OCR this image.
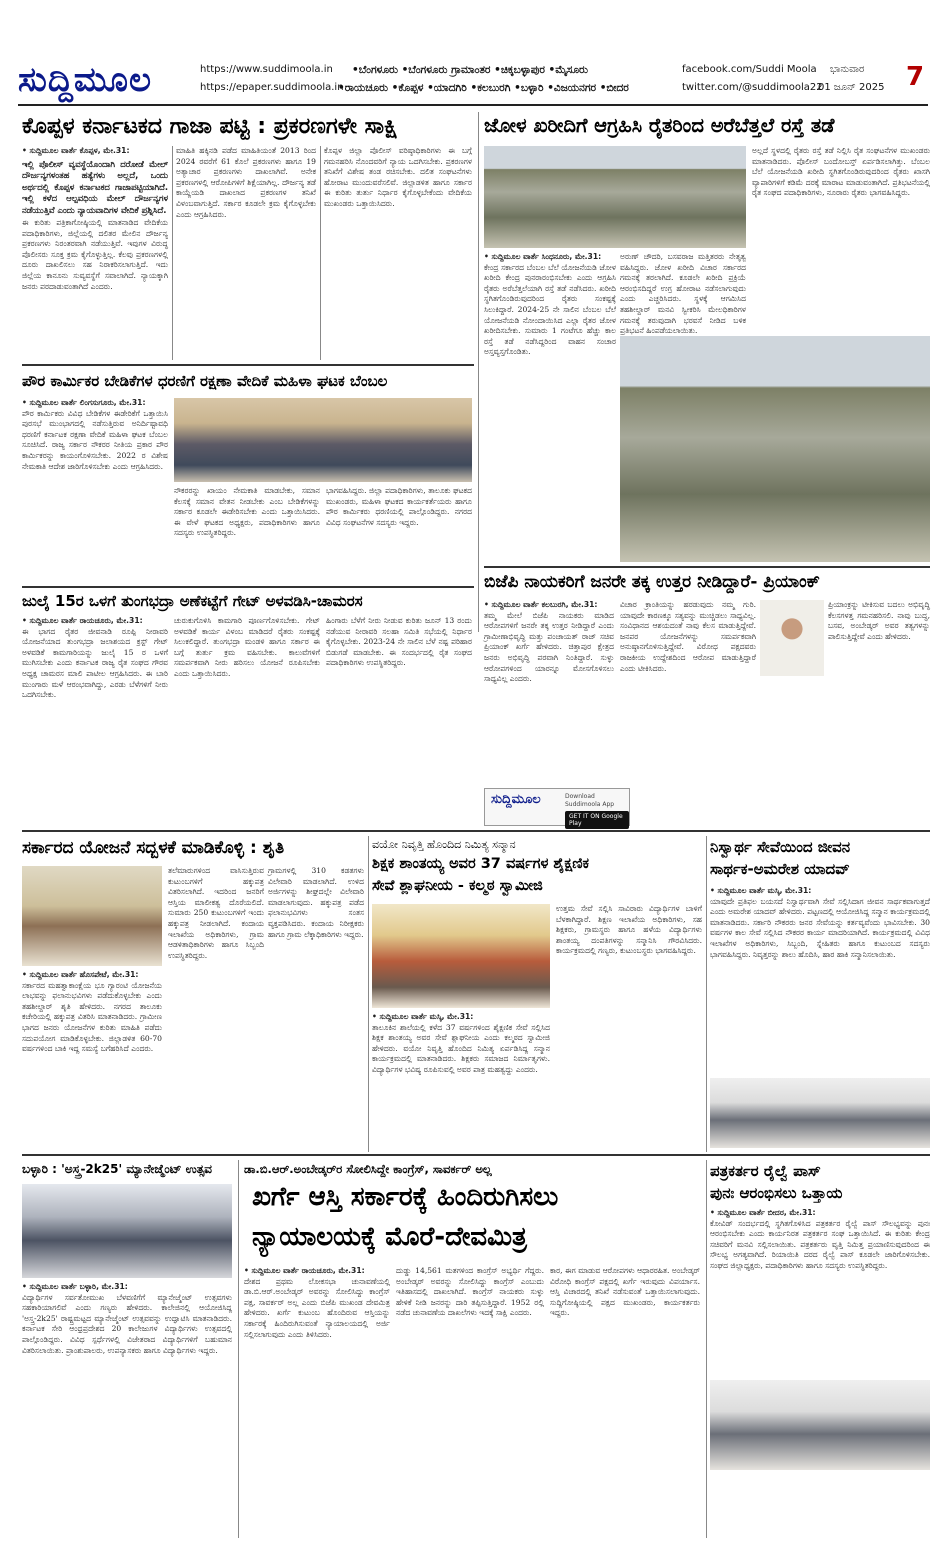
ಸುದ್ದಿಮೂಲ	https://www.suddimoola.in
https://epaper.suddimoola.in
•ಬೆಂಗಳೂರು •ಬೆಂಗಳೂರು ಗ್ರಾಮಾಂತರ •ಚಿಕ್ಕಬಳ್ಳಾಪುರ •ಮೈಸೂರು
•ರಾಯಚೂರು •ಕೊಪ್ಪಳ •ಯಾದಗಿರಿ •ಕಲಬುರಗಿ •ಬಳ್ಳಾರಿ •ವಿಜಯನಗರ •ಬೀದರ
facebook.com/Suddi Moola
twitter.com/@suddimoola22
ಭಾನುವಾರ
01 ಜೂನ್ 2025 7
ಕೊಪ್ಪಳ ಕರ್ನಾಟಕದ ಗಾಜಾ ಪಟ್ಟಿ : ಪ್ರಕರಣಗಳೇ ಸಾಕ್ಷಿ
• ಸುದ್ದಿಮೂಲ ವಾರ್ತೆ ಕೊಪ್ಪಳ, ಮೇ.31:
ಇಲ್ಲಿ ಪೊಲೀಸ್ ವ್ಯವಸ್ಥೆಯೊಂದಾಗಿ ದರೋಡೆ ಮೇಲ್ ದೌರ್ಜನ್ಯಗಳಂತಹ ಹತ್ಯೆಗಳು ಅಲ್ಲದೆ, ಒಂದು ಅರ್ಥದಲ್ಲಿ ಕೊಪ್ಪಳ ಕರ್ನಾಟಕದ ಗಾಜಾಪಟ್ಟಿಯಾಗಿದೆ. ಇಲ್ಲಿ ಕಳೆದ ಆಲ್ಪವಧಿಯ ಮೇಲ್ ದೌರ್ಜನ್ಯಗಳ ನಡೆಯುತ್ತಿವೆ ಎಂದು ನ್ಯಾಯವಾದಿಗಳ ವೇದಿಕೆ ಪ್ರಶ್ನಿಸಿದೆ.
ಈ ಕುರಿತು ಪತ್ರಿಕಾಗೋಷ್ಠಿಯಲ್ಲಿ ಮಾತನಾಡಿದ ವೇದಿಕೆಯ ಪದಾಧಿಕಾರಿಗಳು, ಜಿಲ್ಲೆಯಲ್ಲಿ ದಲಿತರ ಮೇಲಿನ ದೌರ್ಜನ್ಯ ಪ್ರಕರಣಗಳು ನಿರಂತರವಾಗಿ ನಡೆಯುತ್ತಿವೆ. ಇವುಗಳ ವಿರುದ್ಧ ಪೊಲೀಸರು ಸೂಕ್ತ ಕ್ರಮ ಕೈಗೊಳ್ಳುತ್ತಿಲ್ಲ. ಕೆಲವು ಪ್ರಕರಣಗಳಲ್ಲಿ ದೂರು ದಾಖಲಿಸಲು ಸಹ ನಿರಾಕರಿಸಲಾಗುತ್ತಿದೆ. ಇದು ಜಿಲ್ಲೆಯ ಕಾನೂನು ಸುವ್ಯವಸ್ಥೆಗೆ ಸವಾಲಾಗಿದೆ. ನ್ಯಾಯಕ್ಕಾಗಿ ಜನರು ಪರದಾಡುವಂತಾಗಿದೆ ಎಂದರು.
ಮಾಹಿತಿ ಹಕ್ಕಿನಡಿ ಪಡೆದ ಮಾಹಿತಿಯಂತೆ 2013 ರಿಂದ 2024 ರವರೆಗೆ 61 ಕೊಲೆ ಪ್ರಕರಣಗಳು ಹಾಗೂ 19 ಅತ್ಯಾಚಾರ ಪ್ರಕರಣಗಳು ದಾಖಲಾಗಿವೆ. ಅನೇಕ ಪ್ರಕರಣಗಳಲ್ಲಿ ಆರೋಪಿಗಳಿಗೆ ಶಿಕ್ಷೆಯಾಗಿಲ್ಲ. ದೌರ್ಜನ್ಯ ತಡೆ ಕಾಯ್ದೆಯಡಿ ದಾಖಲಾದ ಪ್ರಕರಣಗಳ ತನಿಖೆ ವಿಳಂಬವಾಗುತ್ತಿದೆ. ಸರ್ಕಾರ ಕೂಡಲೇ ಕ್ರಮ ಕೈಗೊಳ್ಳಬೇಕು ಎಂದು ಆಗ್ರಹಿಸಿದರು.
ಕೊಪ್ಪಳ ಜಿಲ್ಲಾ ಪೊಲೀಸ್ ವರಿಷ್ಠಾಧಿಕಾರಿಗಳು ಈ ಬಗ್ಗೆ ಗಮನಹರಿಸಿ ನೊಂದವರಿಗೆ ನ್ಯಾಯ ಒದಗಿಸಬೇಕು. ಪ್ರಕರಣಗಳ ತನಿಖೆಗೆ ವಿಶೇಷ ತಂಡ ರಚಿಸಬೇಕು. ದಲಿತ ಸಂಘಟನೆಗಳು ಹೋರಾಟ ಮುಂದುವರೆಸಲಿವೆ. ಜಿಲ್ಲಾಡಳಿತ ಹಾಗೂ ಸರ್ಕಾರ ಈ ಕುರಿತು ತುರ್ತು ನಿರ್ಧಾರ ಕೈಗೊಳ್ಳಬೇಕೆಂದು ವೇದಿಕೆಯ ಮುಖಂಡರು ಒತ್ತಾಯಿಸಿದರು.
ಜೋಳ ಖರೀದಿಗೆ ಆಗ್ರಹಿಸಿ ರೈತರಿಂದ ಅರೆಬೆತ್ತಲೆ ರಸ್ತೆ ತಡೆ
• ಸುದ್ದಿಮೂಲ ವಾರ್ತೆ ಸಿಂಧನೂರು, ಮೇ.31:
ಕೇಂದ್ರ ಸರ್ಕಾರದ ಬೆಂಬಲ ಬೆಲೆ ಯೋಜನೆಯಡಿ ಜೋಳ ಖರೀದಿ ಕೇಂದ್ರ ಪುನರಾರಂಭಿಸಬೇಕು ಎಂದು ಆಗ್ರಹಿಸಿ ರೈತರು ಅರೆಬೆತ್ತಲೆಯಾಗಿ ರಸ್ತೆ ತಡೆ ನಡೆಸಿದರು. ಖರೀದಿ ಸ್ಥಗಿತಗೊಂಡಿರುವುದರಿಂದ ರೈತರು ಸಂಕಷ್ಟಕ್ಕೆ ಸಿಲುಕಿದ್ದಾರೆ. 2024-25 ನೇ ಸಾಲಿನ ಬೆಂಬಲ ಬೆಲೆ ಯೋಜನೆಯಡಿ ನೋಂದಾಯಿಸಿದ ಎಲ್ಲಾ ರೈತರ ಜೋಳ ಖರೀದಿಸಬೇಕು. ಸುಮಾರು 1 ಗಂಟೆಗೂ ಹೆಚ್ಚು ಕಾಲ ರಸ್ತೆ ತಡೆ ನಡೆಸಿದ್ದರಿಂದ ವಾಹನ ಸಂಚಾರ ಅಸ್ತವ್ಯಸ್ತಗೊಂಡಿತು.
ಅರುಣ್ ಚೌದರಿ, ಬಸವರಾಜ ಮತ್ತಿತರರು ನೇತೃತ್ವ ವಹಿಸಿದ್ದರು. ಜೋಳ ಖರೀದಿ ವಿಚಾರ ಸರ್ಕಾರದ ಗಮನಕ್ಕೆ ತರಲಾಗಿದೆ. ಕೂಡಲೇ ಖರೀದಿ ಪ್ರಕ್ರಿಯೆ ಆರಂಭಿಸದಿದ್ದರೆ ಉಗ್ರ ಹೋರಾಟ ನಡೆಸಲಾಗುವುದು ಎಂದು ಎಚ್ಚರಿಸಿದರು. ಸ್ಥಳಕ್ಕೆ ಆಗಮಿಸಿದ ತಹಶೀಲ್ದಾರ್ ಮನವಿ ಸ್ವೀಕರಿಸಿ ಮೇಲಧಿಕಾರಿಗಳ ಗಮನಕ್ಕೆ ತರುವುದಾಗಿ ಭರವಸೆ ನೀಡಿದ ಬಳಿಕ ಪ್ರತಿಭಟನೆ ಹಿಂಪಡೆಯಲಾಯಿತು.
ಅಲ್ಲದೆ ಸ್ಥಳದಲ್ಲಿ ರೈತರು ರಸ್ತೆ ತಡೆ ನಿಲ್ಲಿಸಿ ರೈತ ಸಂಘಟನೆಗಳ ಮುಖಂಡರು ಮಾತನಾಡಿದರು. ಪೊಲೀಸ್ ಬಂದೋಬಸ್ತ್ ಏರ್ಪಡಿಸಲಾಗಿತ್ತು. ಬೆಂಬಲ ಬೆಲೆ ಯೋಜನೆಯಡಿ ಖರೀದಿ ಸ್ಥಗಿತಗೊಂಡಿರುವುದರಿಂದ ರೈತರು ಖಾಸಗಿ ವ್ಯಾಪಾರಿಗಳಿಗೆ ಕಡಿಮೆ ದರಕ್ಕೆ ಮಾರಾಟ ಮಾಡುವಂತಾಗಿದೆ. ಪ್ರತಿಭಟನೆಯಲ್ಲಿ ರೈತ ಸಂಘದ ಪದಾಧಿಕಾರಿಗಳು, ನೂರಾರು ರೈತರು ಭಾಗವಹಿಸಿದ್ದರು.
ಬಿಜೆಪಿ ನಾಯಕರಿಗೆ ಜನರೇ ತಕ್ಕ ಉತ್ತರ ನೀಡಿದ್ದಾರೆ- ಪ್ರಿಯಾಂಕ್
• ಸುದ್ದಿಮೂಲ ವಾರ್ತೆ ಕಲಬುರಗಿ, ಮೇ.31:
ತಮ್ಮ ಮೇಲೆ ಬಿಜೆಪಿ ನಾಯಕರು ಮಾಡಿದ ಆರೋಪಗಳಿಗೆ ಜನರೇ ತಕ್ಕ ಉತ್ತರ ನೀಡಿದ್ದಾರೆ ಎಂದು ಗ್ರಾಮೀಣಾಭಿವೃದ್ಧಿ ಮತ್ತು ಪಂಚಾಯತ್ ರಾಜ್ ಸಚಿವ ಪ್ರಿಯಾಂಕ್ ಖರ್ಗೆ ಹೇಳಿದರು. ಚಿತ್ತಾಪುರ ಕ್ಷೇತ್ರದ ಜನರು ಅಭಿವೃದ್ಧಿ ಪರವಾಗಿ ನಿಂತಿದ್ದಾರೆ. ಸುಳ್ಳು ಆರೋಪಗಳಿಂದ ಯಾರನ್ನೂ ಮೋಸಗೊಳಿಸಲು ಸಾಧ್ಯವಿಲ್ಲ ಎಂದರು.
ವಿಚಾರ ಕ್ರಾಂತಿಯನ್ನು ಹರಡುವುದು ನಮ್ಮ ಗುರಿ. ಯಾವುದೇ ಕಾರಣಕ್ಕೂ ಸತ್ಯವನ್ನು ಮುಚ್ಚಿಡಲು ಸಾಧ್ಯವಿಲ್ಲ. ಸಂವಿಧಾನದ ಆಶಯದಂತೆ ನಾವು ಕೆಲಸ ಮಾಡುತ್ತಿದ್ದೇವೆ. ಜನಪರ ಯೋಜನೆಗಳನ್ನು ಸಮರ್ಪಕವಾಗಿ ಅನುಷ್ಠಾನಗೊಳಿಸುತ್ತಿದ್ದೇವೆ. ವಿರೋಧ ಪಕ್ಷದವರು ರಾಜಕೀಯ ಉದ್ದೇಶದಿಂದ ಆರೋಪ ಮಾಡುತ್ತಿದ್ದಾರೆ ಎಂದು ಟೀಕಿಸಿದರು.
ಪ್ರಿಯಾಂಕ್ರನ್ನು ಟೀಕಿಸುವ ಬದಲು ಅಭಿವೃದ್ಧಿ ಕೆಲಸಗಳತ್ತ ಗಮನಹರಿಸಲಿ. ನಾವು ಬುದ್ಧ, ಬಸವ, ಅಂಬೇಡ್ಕರ್ ಅವರ ತತ್ವಗಳನ್ನು ಪಾಲಿಸುತ್ತಿದ್ದೇವೆ ಎಂದು ಹೇಳಿದರು.
ಸುದ್ದಿಮೂಲ	Download Suddimoola App
GET IT ON Google Play
ಪೌರ ಕಾರ್ಮಿಕರ ಬೇಡಿಕೆಗಳ ಧರಣಿಗೆ ರಕ್ಷಣಾ ವೇದಿಕೆ ಮಹಿಳಾ ಘಟಕ ಬೆಂಬಲ
• ಸುದ್ದಿಮೂಲ ವಾರ್ತೆ ಲಿಂಗಸುಗೂರು, ಮೇ.31:
ಪೌರ ಕಾರ್ಮಿಕರು ವಿವಿಧ ಬೇಡಿಕೆಗಳ ಈಡೇರಿಕೆಗೆ ಒತ್ತಾಯಿಸಿ ಪುರಸಭೆ ಮುಂಭಾಗದಲ್ಲಿ ನಡೆಸುತ್ತಿರುವ ಅನಿರ್ದಿಷ್ಟಾವಧಿ ಧರಣಿಗೆ ಕರ್ನಾಟಕ ರಕ್ಷಣಾ ವೇದಿಕೆ ಮಹಿಳಾ ಘಟಕ ಬೆಂಬಲ ಸೂಚಿಸಿದೆ. ರಾಜ್ಯ ಸರ್ಕಾರ ನೌಕರರ ನೀತಿಯ ಪ್ರಕಾರ ಪೌರ ಕಾರ್ಮಿಕರನ್ನು ಕಾಯಂಗೊಳಿಸಬೇಕು. 2022 ರ ವಿಶೇಷ ನೇಮಕಾತಿ ಆದೇಶ ಜಾರಿಗೊಳಿಸಬೇಕು ಎಂದು ಆಗ್ರಹಿಸಿದರು.
ನೌಕರರನ್ನು ಖಾಯಂ ನೇಮಕಾತಿ ಮಾಡಬೇಕು, ಸಮಾನ ಕೆಲಸಕ್ಕೆ ಸಮಾನ ವೇತನ ನೀಡಬೇಕು ಎಂಬ ಬೇಡಿಕೆಗಳನ್ನು ಸರ್ಕಾರ ಕೂಡಲೇ ಈಡೇರಿಸಬೇಕು ಎಂದು ಒತ್ತಾಯಿಸಿದರು. ಈ ವೇಳೆ ಘಟಕದ ಅಧ್ಯಕ್ಷರು, ಪದಾಧಿಕಾರಿಗಳು ಹಾಗೂ ಸದಸ್ಯರು ಉಪಸ್ಥಿತರಿದ್ದರು.
ಭಾಗವಹಿಸಿದ್ದರು. ಜಿಲ್ಲಾ ಪದಾಧಿಕಾರಿಗಳು, ತಾಲೂಕು ಘಟಕದ ಮುಖಂಡರು, ಮಹಿಳಾ ಘಟಕದ ಕಾರ್ಯಕರ್ತೆಯರು ಹಾಗೂ ಪೌರ ಕಾರ್ಮಿಕರು ಧರಣಿಯಲ್ಲಿ ಪಾಲ್ಗೊಂಡಿದ್ದರು. ನಗರದ ವಿವಿಧ ಸಂಘಟನೆಗಳ ಸದಸ್ಯರು ಇದ್ದರು.
ಜುಲೈ 15ರ ಒಳಗೆ ತುಂಗಭದ್ರಾ ಅಣೆಕಟ್ಟೆಗೆ ಗೇಟ್ ಅಳವಡಿಸಿ-ಚಾಮರಸ
• ಸುದ್ದಿಮೂಲ ವಾರ್ತೆ ರಾಯಚೂರು, ಮೇ.31:
ಈ ಭಾಗದ ರೈತರ ಜೀವನಾಡಿ ರೂಪ್ಪಿ ನೀರಾವರಿ ಯೋಜನೆಯಾದ ತುಂಗಭದ್ರಾ ಜಲಾಶಯದ ಕ್ರಸ್ಟ್ ಗೇಟ್ ಅಳವಡಿಕೆ ಕಾಮಗಾರಿಯನ್ನು ಜುಲೈ 15 ರ ಒಳಗೆ ಮುಗಿಸಬೇಕು ಎಂದು ಕರ್ನಾಟಕ ರಾಜ್ಯ ರೈತ ಸಂಘದ ಗೌರವ ಅಧ್ಯಕ್ಷ ಚಾಮರಸ ಮಾಲಿ ಪಾಟೀಲ ಆಗ್ರಹಿಸಿದರು. ಈ ಬಾರಿ ಮುಂಗಾರು ಮಳೆ ಆರಂಭವಾಗಿದ್ದು, ಎರಡು ಬೆಳೆಗಳಿಗೆ ನೀರು ಒದಗಿಸಬೇಕು.
ಚುರುಕುಗೊಳಿಸಿ ಕಾಮಗಾರಿ ಪೂರ್ಣಗೊಳಿಸಬೇಕು. ಗೇಟ್ ಅಳವಡಿಕೆ ಕಾರ್ಯ ವಿಳಂಬ ಮಾಡಿದರೆ ರೈತರು ಸಂಕಷ್ಟಕ್ಕೆ ಸಿಲುಕಲಿದ್ದಾರೆ. ತುಂಗಭದ್ರಾ ಮಂಡಳಿ ಹಾಗೂ ಸರ್ಕಾರ ಈ ಬಗ್ಗೆ ತುರ್ತು ಕ್ರಮ ವಹಿಸಬೇಕು. ಕಾಲುವೆಗಳಿಗೆ ಸಮರ್ಪಕವಾಗಿ ನೀರು ಹರಿಸಲು ಯೋಜನೆ ರೂಪಿಸಬೇಕು ಎಂದು ಒತ್ತಾಯಿಸಿದರು.
ಹಿಂಗಾರು ಬೆಳೆಗೆ ನೀರು ನೀಡುವ ಕುರಿತು ಜೂನ್ 13 ರಂದು ನಡೆಯುವ ನೀರಾವರಿ ಸಲಹಾ ಸಮಿತಿ ಸಭೆಯಲ್ಲಿ ನಿರ್ಧಾರ ಕೈಗೊಳ್ಳಬೇಕು. 2023-24 ನೇ ಸಾಲಿನ ಬೆಳೆ ನಷ್ಟ ಪರಿಹಾರ ಬಿಡುಗಡೆ ಮಾಡಬೇಕು. ಈ ಸಂದರ್ಭದಲ್ಲಿ ರೈತ ಸಂಘದ ಪದಾಧಿಕಾರಿಗಳು ಉಪಸ್ಥಿತರಿದ್ದರು.
ಸರ್ಕಾರದ ಯೋಜನೆ ಸದ್ಬಳಕೆ ಮಾಡಿಕೊಳ್ಳಿ : ಶೃತಿ
• ಸುದ್ದಿಮೂಲ ವಾರ್ತೆ ಹೊಸಪೇಟೆ, ಮೇ.31:
ಸರ್ಕಾರದ ಮಹತ್ವಾಕಾಂಕ್ಷೆಯ ಭೂ ಗ್ಯಾರಂಟಿ ಯೋಜನೆಯ ಲಾಭವನ್ನು ಫಲಾನುಭವಿಗಳು ಪಡೆದುಕೊಳ್ಳಬೇಕು ಎಂದು ತಹಶೀಲ್ದಾರ್ ಶೃತಿ ಹೇಳಿದರು. ನಗರದ ತಾಲೂಕು ಕಚೇರಿಯಲ್ಲಿ ಹಕ್ಕುಪತ್ರ ವಿತರಿಸಿ ಮಾತನಾಡಿದರು. ಗ್ರಾಮೀಣ ಭಾಗದ ಜನರು ಯೋಜನೆಗಳ ಕುರಿತು ಮಾಹಿತಿ ಪಡೆದು ಸದುಪಯೋಗ ಮಾಡಿಕೊಳ್ಳಬೇಕು. ಜಿಲ್ಲಾಡಳಿತ 60-70 ವರ್ಷಗಳಿಂದ ಬಾಕಿ ಇದ್ದ ಸಮಸ್ಯೆ ಬಗೆಹರಿಸಿದೆ ಎಂದರು.
ತಲೆಮಾರುಗಳಿಂದ ವಾಸಿಸುತ್ತಿರುವ ಕುಟುಂಬಗಳಿಗೆ ಹಕ್ಕುಪತ್ರ ವಿತರಿಸಲಾಗಿದೆ. ಇದರಿಂದ ಜನರಿಗೆ ಆಸ್ತಿಯ ಮಾಲೀಕತ್ವ ದೊರೆಯಲಿದೆ. ಸುಮಾರು 250 ಕುಟುಂಬಗಳಿಗೆ ಇಂದು ಹಕ್ಕುಪತ್ರ ನೀಡಲಾಗಿದೆ. ಕಂದಾಯ ಇಲಾಖೆಯ ಅಧಿಕಾರಿಗಳು, ಗ್ರಾಮ ಆಡಳಿತಾಧಿಕಾರಿಗಳು ಹಾಗೂ ಸಿಬ್ಬಂದಿ ಉಪಸ್ಥಿತರಿದ್ದರು.
ಗ್ರಾಮಗಳಲ್ಲಿ 310 ಕಡತಗಳು ವಿಲೇವಾರಿ ಮಾಡಲಾಗಿದೆ. ಉಳಿದ ಅರ್ಜಿಗಳನ್ನು ಶೀಘ್ರದಲ್ಲೇ ವಿಲೇವಾರಿ ಮಾಡಲಾಗುವುದು. ಹಕ್ಕುಪತ್ರ ಪಡೆದ ಫಲಾನುಭವಿಗಳು ಸಂತಸ ವ್ಯಕ್ತಪಡಿಸಿದರು. ಕಂದಾಯ ನಿರೀಕ್ಷಕರು ಹಾಗೂ ಗ್ರಾಮ ಲೆಕ್ಕಾಧಿಕಾರಿಗಳು ಇದ್ದರು.
ವಯೋ ನಿವೃತ್ತಿ ಹೊಂದಿದ ನಿಮಿತ್ಯ ಸನ್ಮಾನ
ಶಿಕ್ಷಕ ಶಾಂತಯ್ಯ ಅವರ 37 ವರ್ಷಗಳ ಶೈಕ್ಷಣಿಕ
ಸೇವೆ ಶ್ಲಾಘನೀಯ - ಕಲ್ಮಠ ಸ್ವಾಮೀಜಿ
• ಸುದ್ದಿಮೂಲ ವಾರ್ತೆ ಮಸ್ಕಿ, ಮೇ.31:
ತಾಲೂಕಿನ ಶಾಲೆಯಲ್ಲಿ ಕಳೆದ 37 ವರ್ಷಗಳಿಂದ ಶೈಕ್ಷಣಿಕ ಸೇವೆ ಸಲ್ಲಿಸಿದ ಶಿಕ್ಷಕ ಶಾಂತಯ್ಯ ಅವರ ಸೇವೆ ಶ್ಲಾಘನೀಯ ಎಂದು ಕಲ್ಮಠದ ಸ್ವಾಮೀಜಿ ಹೇಳಿದರು. ವಯೋ ನಿವೃತ್ತಿ ಹೊಂದಿದ ನಿಮಿತ್ಯ ಏರ್ಪಡಿಸಿದ್ದ ಸನ್ಮಾನ ಕಾರ್ಯಕ್ರಮದಲ್ಲಿ ಮಾತನಾಡಿದರು. ಶಿಕ್ಷಕರು ಸಮಾಜದ ನಿರ್ಮಾತೃಗಳು. ವಿದ್ಯಾರ್ಥಿಗಳ ಭವಿಷ್ಯ ರೂಪಿಸುವಲ್ಲಿ ಅವರ ಪಾತ್ರ ಮಹತ್ವದ್ದು ಎಂದರು.
ಉತ್ತಮ ಸೇವೆ ಸಲ್ಲಿಸಿ ಸಾವಿರಾರು ವಿದ್ಯಾರ್ಥಿಗಳ ಬಾಳಿಗೆ ಬೆಳಕಾಗಿದ್ದಾರೆ. ಶಿಕ್ಷಣ ಇಲಾಖೆಯ ಅಧಿಕಾರಿಗಳು, ಸಹ ಶಿಕ್ಷಕರು, ಗ್ರಾಮಸ್ಥರು ಹಾಗೂ ಹಳೆಯ ವಿದ್ಯಾರ್ಥಿಗಳು ಶಾಂತಯ್ಯ ದಂಪತಿಗಳನ್ನು ಸನ್ಮಾನಿಸಿ ಗೌರವಿಸಿದರು. ಕಾರ್ಯಕ್ರಮದಲ್ಲಿ ಗಣ್ಯರು, ಕುಟುಂಬಸ್ಥರು ಭಾಗವಹಿಸಿದ್ದರು.
ನಿಸ್ವಾರ್ಥ ಸೇವೆಯಿಂದ ಜೀವನ
ಸಾರ್ಥಕ-ಅಮರೇಶ ಯಾದವ್
• ಸುದ್ದಿಮೂಲ ವಾರ್ತೆ ಮಸ್ಕಿ, ಮೇ.31:
ಯಾವುದೇ ಪ್ರತಿಫಲ ಬಯಸದೆ ನಿಸ್ವಾರ್ಥವಾಗಿ ಸೇವೆ ಸಲ್ಲಿಸಿದಾಗ ಜೀವನ ಸಾರ್ಥಕವಾಗುತ್ತದೆ ಎಂದು ಅಮರೇಶ ಯಾದವ್ ಹೇಳಿದರು. ಪಟ್ಟಣದಲ್ಲಿ ಆಯೋಜಿಸಿದ್ದ ಸನ್ಮಾನ ಕಾರ್ಯಕ್ರಮದಲ್ಲಿ ಮಾತನಾಡಿದರು. ಸರ್ಕಾರಿ ನೌಕರರು ಜನರ ಸೇವೆಯನ್ನು ಕರ್ತವ್ಯವೆಂದು ಭಾವಿಸಬೇಕು. 30 ವರ್ಷಗಳ ಕಾಲ ಸೇವೆ ಸಲ್ಲಿಸಿದ ನೌಕರರ ಕಾರ್ಯ ಮಾದರಿಯಾಗಿದೆ. ಕಾರ್ಯಕ್ರಮದಲ್ಲಿ ವಿವಿಧ ಇಲಾಖೆಗಳ ಅಧಿಕಾರಿಗಳು, ಸಿಬ್ಬಂದಿ, ಸ್ನೇಹಿತರು ಹಾಗೂ ಕುಟುಂಬದ ಸದಸ್ಯರು ಭಾಗವಹಿಸಿದ್ದರು. ನಿವೃತ್ತರನ್ನು ಶಾಲು ಹೊದಿಸಿ, ಹಾರ ಹಾಕಿ ಸನ್ಮಾನಿಸಲಾಯಿತು.
ಬಳ್ಳಾರಿ : 'ಅಸ್ತ್ರ-2k25' ಮ್ಯಾನೇಜ್ಮೆಂಟ್ ಉತ್ಸವ
• ಸುದ್ದಿಮೂಲ ವಾರ್ತೆ ಬಳ್ಳಾರಿ, ಮೇ.31:
ವಿದ್ಯಾರ್ಥಿಗಳ ಸರ್ವತೋಮುಖ ಬೆಳವಣಿಗೆಗೆ ಮ್ಯಾನೇಜ್ಮೆಂಟ್ ಉತ್ಸವಗಳು ಸಹಕಾರಿಯಾಗಲಿವೆ ಎಂದು ಗಣ್ಯರು ಹೇಳಿದರು. ಕಾಲೇಜಿನಲ್ಲಿ ಆಯೋಜಿಸಿದ್ದ 'ಅಸ್ತ್ರ-2k25' ರಾಷ್ಟ್ರಮಟ್ಟದ ಮ್ಯಾನೇಜ್ಮೆಂಟ್ ಉತ್ಸವವನ್ನು ಉದ್ಘಾಟಿಸಿ ಮಾತನಾಡಿದರು. ಕರ್ನಾಟಕ ಸೇರಿ ಆಂಧ್ರಪ್ರದೇಶದ 20 ಕಾಲೇಜುಗಳ ವಿದ್ಯಾರ್ಥಿಗಳು ಉತ್ಸವದಲ್ಲಿ ಪಾಲ್ಗೊಂಡಿದ್ದರು. ವಿವಿಧ ಸ್ಪರ್ಧೆಗಳಲ್ಲಿ ವಿಜೇತರಾದ ವಿದ್ಯಾರ್ಥಿಗಳಿಗೆ ಬಹುಮಾನ ವಿತರಿಸಲಾಯಿತು. ಪ್ರಾಂಶುಪಾಲರು, ಉಪನ್ಯಾಸಕರು ಹಾಗೂ ವಿದ್ಯಾರ್ಥಿಗಳು ಇದ್ದರು.
ಡಾ.ಬಿ.ಆರ್.ಅಂಬೇಡ್ಕರ್‌ರ ಸೋಲಿಸಿದ್ದೇ ಕಾಂಗ್ರೆಸ್, ಸಾವರ್ಕರ್ ಅಲ್ಲ
ಖರ್ಗೆ ಆಸ್ತಿ ಸರ್ಕಾರಕ್ಕೆ ಹಿಂದಿರುಗಿಸಲು
ನ್ಯಾಯಾಲಯಕ್ಕೆ ಮೊರೆ-ದೇವಮಿತ್ರ
• ಸುದ್ದಿಮೂಲ ವಾರ್ತೆ ರಾಯಚೂರು, ಮೇ.31:
ದೇಶದ ಪ್ರಥಮ ಲೋಕಸಭಾ ಚುನಾವಣೆಯಲ್ಲಿ ಡಾ.ಬಿ.ಆರ್.ಅಂಬೇಡ್ಕರ್ ಅವರನ್ನು ಸೋಲಿಸಿದ್ದು ಕಾಂಗ್ರೆಸ್ ಪಕ್ಷ, ಸಾವರ್ಕರ್ ಅಲ್ಲ ಎಂದು ಬಿಜೆಪಿ ಮುಖಂಡ ದೇವಮಿತ್ರ ಹೇಳಿದರು. ಖರ್ಗೆ ಕುಟುಂಬ ಹೊಂದಿರುವ ಆಸ್ತಿಯನ್ನು ಸರ್ಕಾರಕ್ಕೆ ಹಿಂದಿರುಗಿಸುವಂತೆ ನ್ಯಾಯಾಲಯದಲ್ಲಿ ಅರ್ಜಿ ಸಲ್ಲಿಸಲಾಗುವುದು ಎಂದು ತಿಳಿಸಿದರು.
ದುಡ್ಡು 14,561 ಮತಗಳಿಂದ ಕಾಂಗ್ರೆಸ್ ಅಭ್ಯರ್ಥಿ ಗೆದ್ದರು. ಅಂಬೇಡ್ಕರ್ ಅವರನ್ನು ಸೋಲಿಸಿದ್ದು ಕಾಂಗ್ರೆಸ್ ಎಂಬುದು ಇತಿಹಾಸದಲ್ಲಿ ದಾಖಲಾಗಿದೆ. ಕಾಂಗ್ರೆಸ್ ನಾಯಕರು ಸುಳ್ಳು ಹೇಳಿಕೆ ನೀಡಿ ಜನರನ್ನು ದಾರಿ ತಪ್ಪಿಸುತ್ತಿದ್ದಾರೆ. 1952 ರಲ್ಲಿ ನಡೆದ ಚುನಾವಣೆಯ ದಾಖಲೆಗಳು ಇದಕ್ಕೆ ಸಾಕ್ಷಿ ಎಂದರು.
ಕಾರ, ಈಗ ಮಾಡುವ ಆರೋಪಗಳು ಆಧಾರರಹಿತ. ಅಂಬೇಡ್ಕರ್ ವಿರೋಧಿ ಕಾಂಗ್ರೆಸ್ ಪಕ್ಷದಲ್ಲಿ ಖರ್ಗೆ ಇರುವುದು ವಿಪರ್ಯಾಸ. ಆಸ್ತಿ ವಿಚಾರದಲ್ಲಿ ತನಿಖೆ ನಡೆಸುವಂತೆ ಒತ್ತಾಯಿಸಲಾಗುವುದು. ಸುದ್ದಿಗೋಷ್ಠಿಯಲ್ಲಿ ಪಕ್ಷದ ಮುಖಂಡರು, ಕಾರ್ಯಕರ್ತರು ಇದ್ದರು.
ಪತ್ರಕರ್ತರ ರೈಲ್ವೆ ಪಾಸ್
ಪುನಃ ಆರಂಭಿಸಲು ಒತ್ತಾಯ
• ಸುದ್ದಿಮೂಲ ವಾರ್ತೆ ಬೀದರ, ಮೇ.31:
ಕೋವಿಡ್ ಸಂದರ್ಭದಲ್ಲಿ ಸ್ಥಗಿತಗೊಳಿಸಿದ ಪತ್ರಕರ್ತರ ರೈಲ್ವೆ ಪಾಸ್ ಸೌಲಭ್ಯವನ್ನು ಪುನಃ ಆರಂಭಿಸಬೇಕು ಎಂದು ಕಾರ್ಯನಿರತ ಪತ್ರಕರ್ತರ ಸಂಘ ಒತ್ತಾಯಿಸಿದೆ. ಈ ಕುರಿತು ಕೇಂದ್ರ ಸಚಿವರಿಗೆ ಮನವಿ ಸಲ್ಲಿಸಲಾಯಿತು. ಪತ್ರಕರ್ತರು ವೃತ್ತಿ ನಿಮಿತ್ತ ಪ್ರಯಾಣಿಸುವುದರಿಂದ ಈ ಸೌಲಭ್ಯ ಅಗತ್ಯವಾಗಿದೆ. ರಿಯಾಯಿತಿ ದರದ ರೈಲ್ವೆ ಪಾಸ್ ಕೂಡಲೇ ಜಾರಿಗೊಳಿಸಬೇಕು. ಸಂಘದ ಜಿಲ್ಲಾಧ್ಯಕ್ಷರು, ಪದಾಧಿಕಾರಿಗಳು ಹಾಗೂ ಸದಸ್ಯರು ಉಪಸ್ಥಿತರಿದ್ದರು.
